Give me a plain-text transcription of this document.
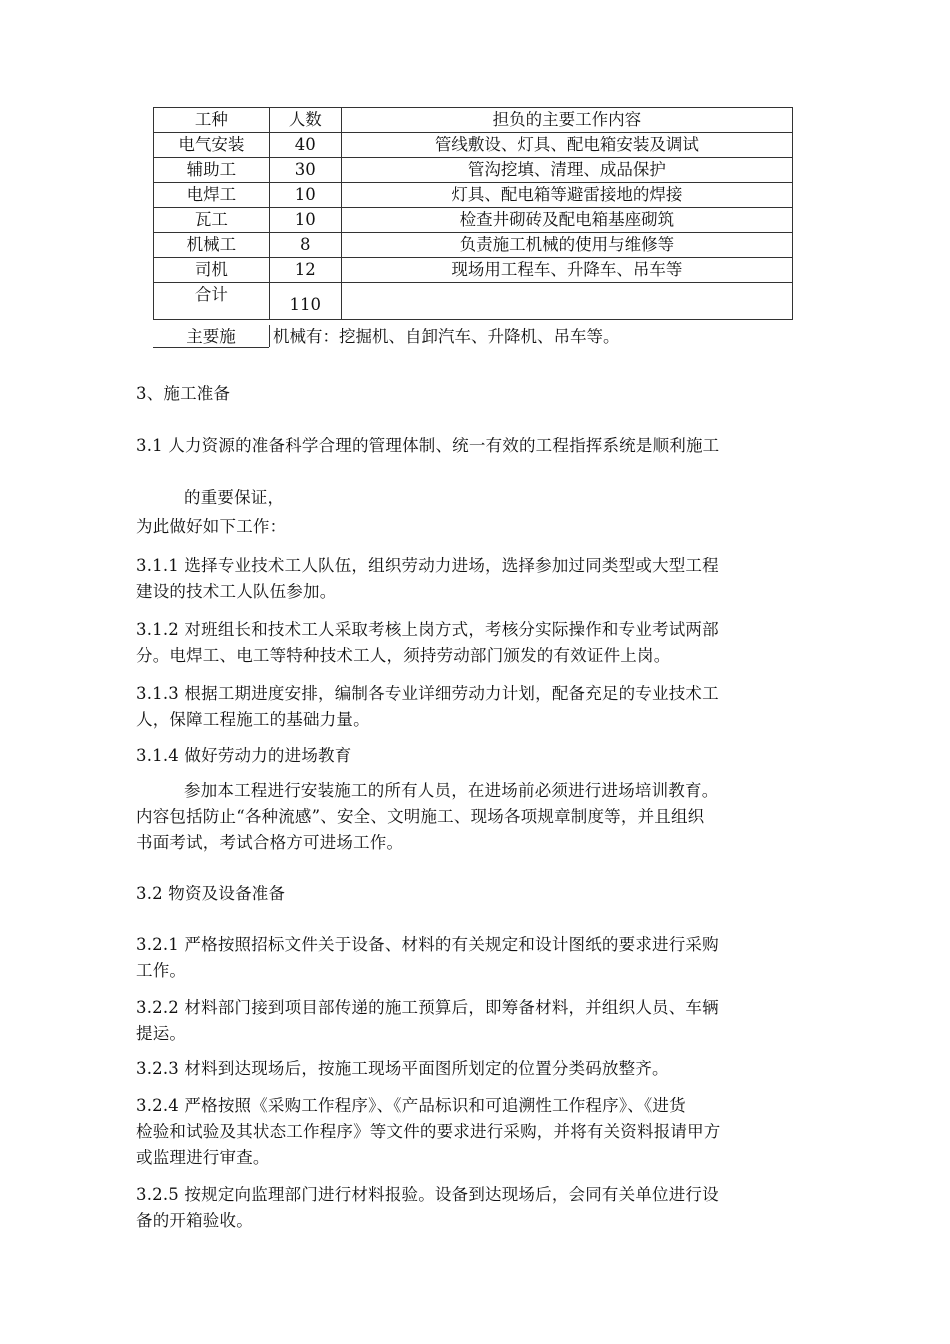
工种	人数	担负的主要工作内容
电气安装	40	管线敷设、灯具、配电箱安装及调试
辅助工	30	管沟挖填、清理、成品保护
电焊工	10	灯具、配电箱等避雷接地的焊接
瓦工	10	检查井砌砖及配电箱基座砌筑
机械工	8	负责施工机械的使用与维修等
司机	12	现场用工程车、升降车、吊车等
合计	110	
主要施	机械有：挖掘机、自卸汽车、升降机、吊车等。
3、施工准备
3.1 人力资源的准备科学合理的管理体制、统一有效的工程指挥系统是顺利施工
的重要保证，
为此做好如下工作：
3.1.1 选择专业技术工人队伍，组织劳动力进场，选择参加过同类型或大型工程
建设的技术工人队伍参加。
3.1.2 对班组长和技术工人采取考核上岗方式，考核分实际操作和专业考试两部
分。电焊工、电工等特种技术工人，须持劳动部门颁发的有效证件上岗。
3.1.3 根据工期进度安排，编制各专业详细劳动力计划，配备充足的专业技术工
人，保障工程施工的基础力量。
3.1.4 做好劳动力的进场教育
参加本工程进行安装施工的所有人员，在进场前必须进行进场培训教育。
内容包括防止“各种流感”、安全、文明施工、现场各项规章制度等，并且组织
书面考试，考试合格方可进场工作。
3.2 物资及设备准备
3.2.1 严格按照招标文件关于设备、材料的有关规定和设计图纸的要求进行采购
工作。
3.2.2 材料部门接到项目部传递的施工预算后，即筹备材料，并组织人员、车辆
提运。
3.2.3 材料到达现场后，按施工现场平面图所划定的位置分类码放整齐。
3.2.4 严格按照《采购工作程序》、《产品标识和可追溯性工作程序》、《进货
检验和试验及其状态工作程序》等文件的要求进行采购，并将有关资料报请甲方
或监理进行审查。
3.2.5 按规定向监理部门进行材料报验。设备到达现场后，会同有关单位进行设
备的开箱验收。
